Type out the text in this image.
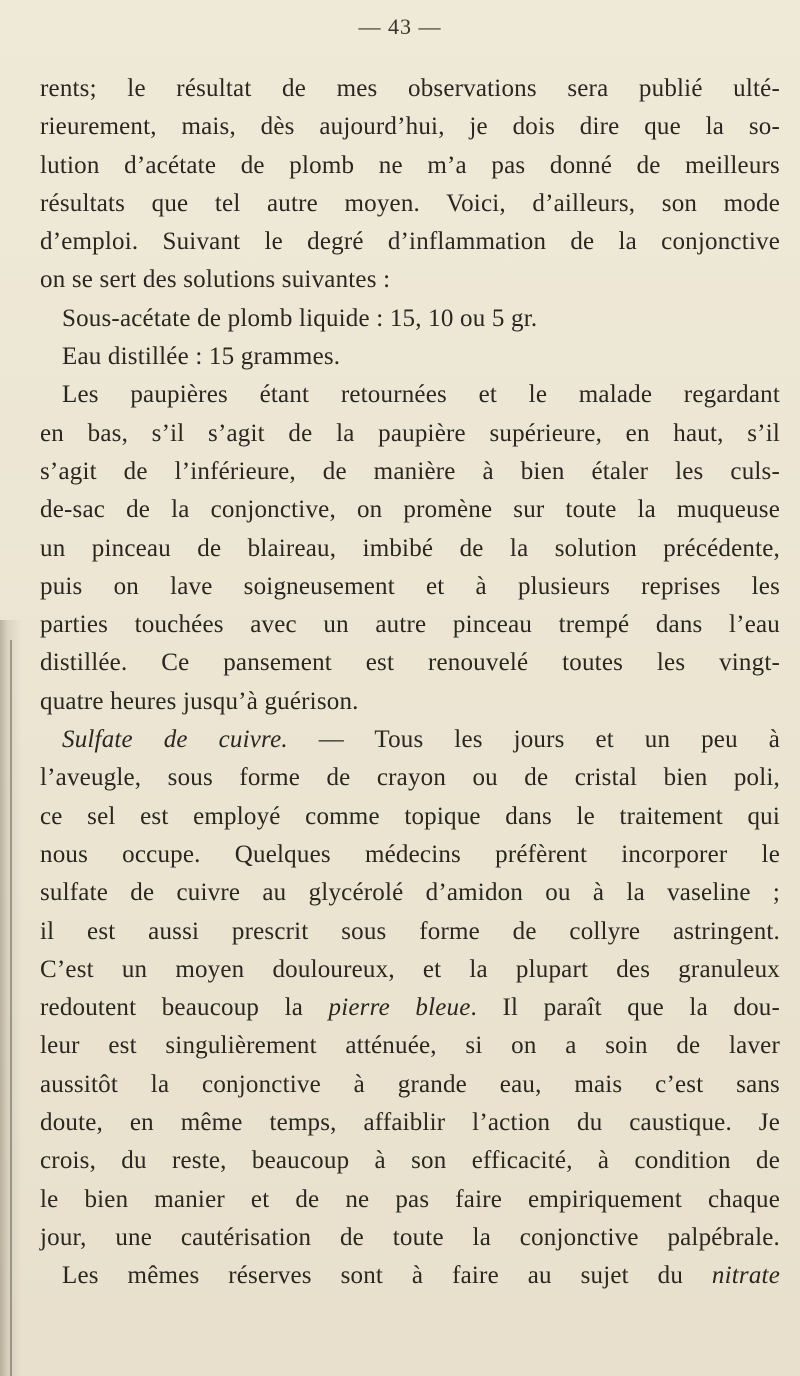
— 43 —
rents; le résultat de mes observations sera publié ulté-
rieurement, mais, dès aujourd’hui, je dois dire que la so-
lution d’acétate de plomb ne m’a pas donné de meilleurs
résultats que tel autre moyen. Voici, d’ailleurs, son mode
d’emploi. Suivant le degré d’inflammation de la conjonctive
on se sert des solutions suivantes :
Sous-acétate de plomb liquide : 15, 10 ou 5 gr.
Eau distillée : 15 grammes.
Les paupières étant retournées et le malade regardant
en bas, s’il s’agit de la paupière supérieure, en haut, s’il
s’agit de l’inférieure, de manière à bien étaler les culs-
de-sac de la conjonctive, on promène sur toute la muqueuse
un pinceau de blaireau, imbibé de la solution précédente,
puis on lave soigneusement et à plusieurs reprises les
parties touchées avec un autre pinceau trempé dans l’eau
distillée. Ce pansement est renouvelé toutes les vingt-
quatre heures jusqu’à guérison.
Sulfate de cuivre. — Tous les jours et un peu à
l’aveugle, sous forme de crayon ou de cristal bien poli,
ce sel est employé comme topique dans le traitement qui
nous occupe. Quelques médecins préfèrent incorporer le
sulfate de cuivre au glycérolé d’amidon ou à la vaseline ;
il est aussi prescrit sous forme de collyre astringent.
C’est un moyen douloureux, et la plupart des granuleux
redoutent beaucoup la pierre bleue. Il paraît que la dou-
leur est singulièrement atténuée, si on a soin de laver
aussitôt la conjonctive à grande eau, mais c’est sans
doute, en même temps, affaiblir l’action du caustique. Je
crois, du reste, beaucoup à son efficacité, à condition de
le bien manier et de ne pas faire empiriquement chaque
jour, une cautérisation de toute la conjonctive palpébrale.
Les mêmes réserves sont à faire au sujet du nitrate
